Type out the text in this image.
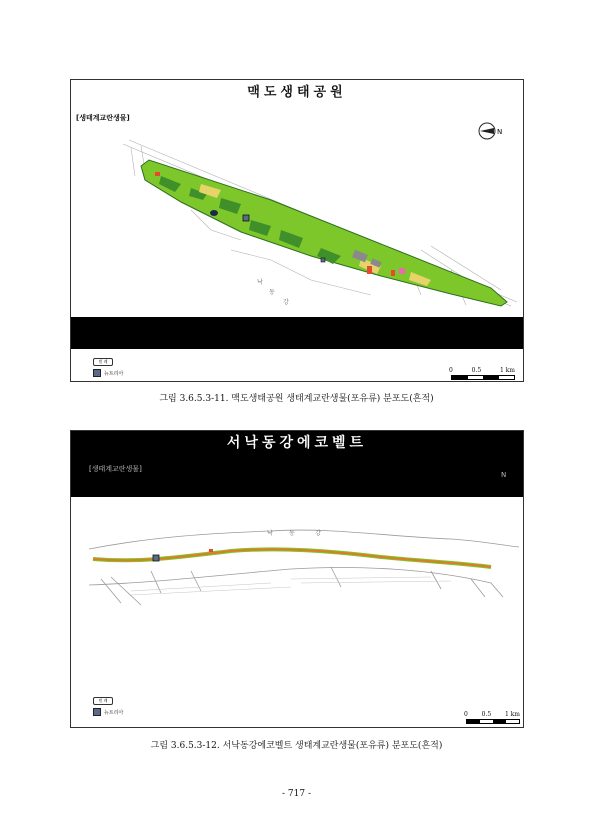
맥도생태공원
[생태계교란생물]
N
낙
동
강
범 례
뉴트리아	0	0.5	1 km
그림 3.6.5.3-11. 맥도생태공원 생태계교란생물(포유류) 분포도(흔적)
서낙동강에코벨트
[생태계교란생물]
N
낙	동	강
범 례
뉴트리아	0 0.5 1 km
그림 3.6.5.3-12. 서낙동강에코벨트 생태계교란생물(포유류) 분포도(흔적)
- 717 -
